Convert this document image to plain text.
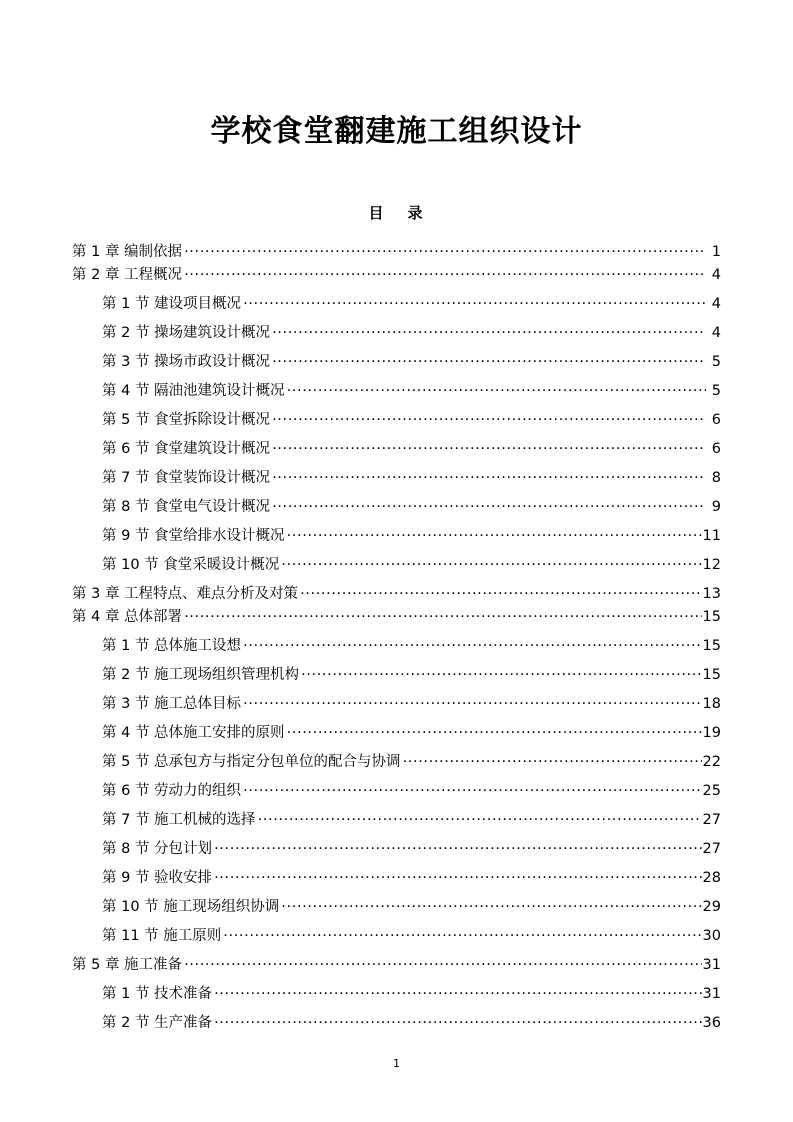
学校食堂翻建施工组织设计
目 录
第 1 章 编制依据 .....	1
第 2 章 工程概况 .....	4
第 1 节 建设项目概况 .....	4
第 2 节 操场建筑设计概况 .....	4
第 3 节 操场市政设计概况 .....	5
第 4 节 隔油池建筑设计概况 .....	5
第 5 节 食堂拆除设计概况 .....	6
第 6 节 食堂建筑设计概况 .....	6
第 7 节 食堂装饰设计概况 .....	8
第 8 节 食堂电气设计概况 .....	9
第 9 节 食堂给排水设计概况 .....	11
第 10 节 食堂采暖设计概况 .....	12
第 3 章 工程特点、难点分析及对策 .....	13
第 4 章 总体部署 .....	15
第 1 节 总体施工设想 .....	15
第 2 节 施工现场组织管理机构 .....	15
第 3 节 施工总体目标 .....	18
第 4 节 总体施工安排的原则 .....	19
第 5 节 总承包方与指定分包单位的配合与协调 .....	22
第 6 节 劳动力的组织 .....	25
第 7 节 施工机械的选择 .....	27
第 8 节 分包计划 .....	27
第 9 节 验收安排 .....	28
第 10 节 施工现场组织协调 .....	29
第 11 节 施工原则 .....	30
第 5 章 施工准备 .....	31
第 1 节 技术准备 .....	31
第 2 节 生产准备 .....	36
1
